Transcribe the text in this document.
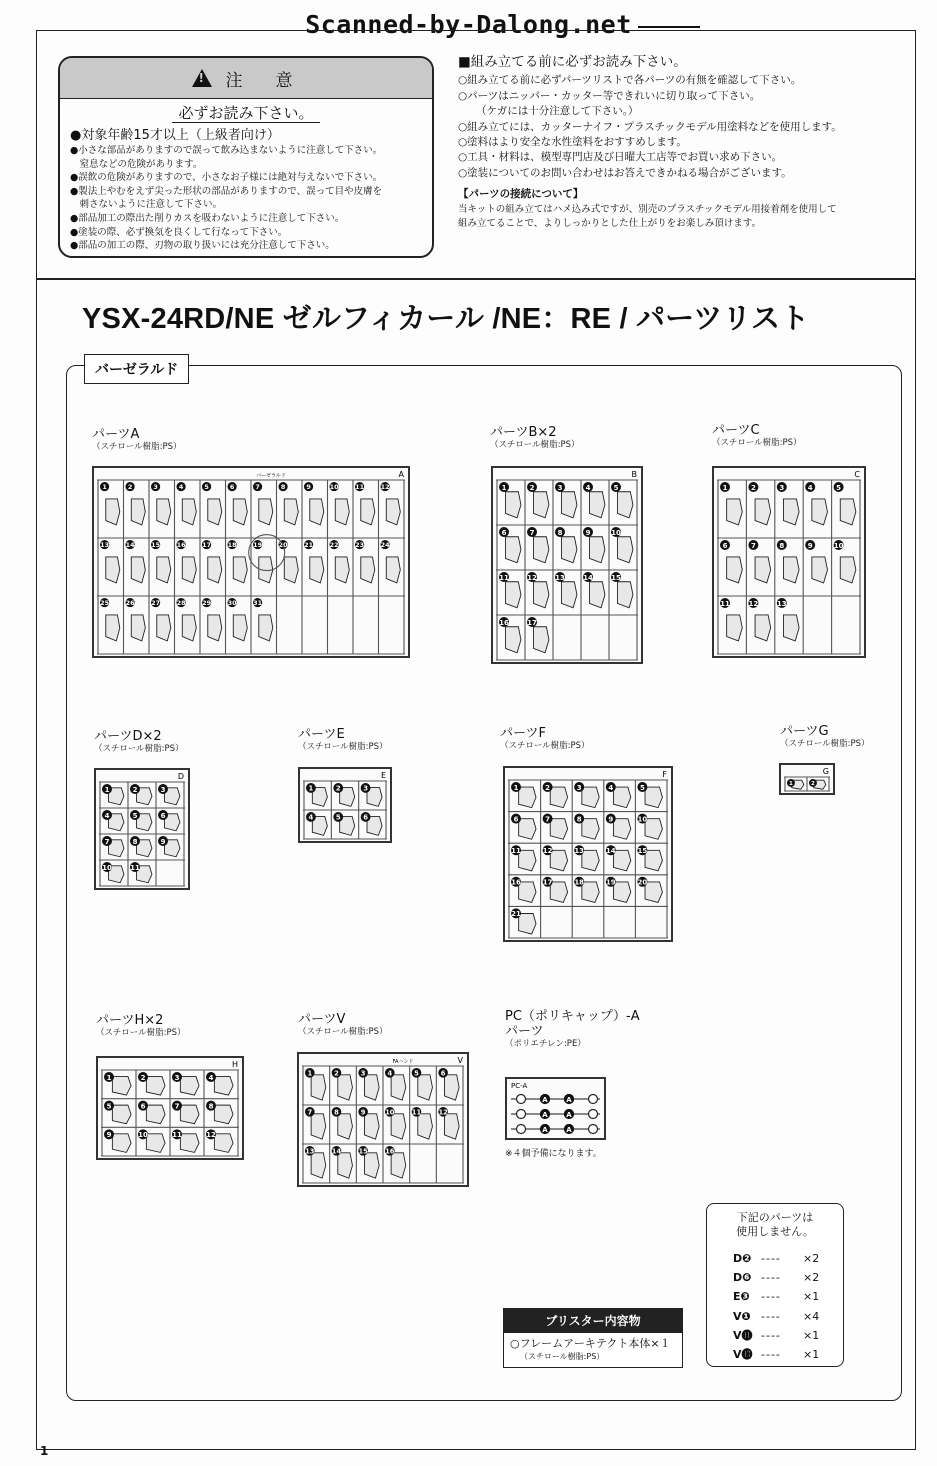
Scanned-by-Dalong.net
!
注　意
必ずお読み下さい。
●対象年齢15才以上（上級者向け）
●小さな部品がありますので誤って飲み込まないように注意して下さい。
　窒息などの危険があります。
●誤飲の危険がありますので、小さなお子様には絶対与えないで下さい。
●製法上やむをえず尖った形状の部品がありますので、誤って目や皮膚を
　刺さないように注意して下さい。
●部品加工の際出た削りカスを吸わないように注意して下さい。
●塗装の際、必ず換気を良くして行なって下さい。
●部品の加工の際、刃物の取り扱いには充分注意して下さい。
■組み立てる前に必ずお読み下さい。
○組み立てる前に必ずパーツリストで各パーツの有無を確認して下さい。
○パーツはニッパー・カッター等できれいに切り取って下さい。
（ケガには十分注意して下さい。）
○組み立てには、カッターナイフ・プラスチックモデル用塗料などを使用します。
○塗料はより安全な水性塗料をおすすめします。
○工具・材料は、模型専門店及び日曜大工店等でお買い求め下さい。
○塗装についてのお問い合わせはお答えできかねる場合がございます。
【パーツの接続について】
当キットの組み立てはハメ込み式ですが、別売のプラスチックモデル用接着剤を使用して
組み立てることで、よりしっかりとした仕上がりをお楽しみ頂けます。
YSX-24RD/NE ゼルフィカール /NE：RE / パーツリスト
バーゼラルド
パーツA
（スチロール樹脂:PS）
パーツB×2
（スチロール樹脂:PS）
パーツC
（スチロール樹脂:PS）
パーツD×2
（スチロール樹脂:PS）
パーツE
（スチロール樹脂:PS）
パーツF
（スチロール樹脂:PS）
パーツG
（スチロール樹脂:PS）
パーツH×2
（スチロール樹脂:PS）
パーツV
（スチロール樹脂:PS）
PC（ポリキャップ）-A
パーツ
（ポリエチレン:PE）
A
バーゼラルド
1	2	3	4	5	6	7	8	9	10	11	12
13	14	15	16	17	18	19	20	21	22	23	24
25	26	27	28	29	30	31
B
1	2	3	4	5
6	7	8	9	10
11	12	13	14	15
16	17
C
1	2	3	4	5
6	7	8	9	10
11	12	13
D
1	2	3
4	5	6
7	8	9
10	11
E
1	2	3
4	5	6
F
1	2	3	4	5
6	7	8	9	10
11	12	13	14	15
16	17	18	19	20
21
G
1	2
H
1	2	3	4
5	6	7	8
9	10	11	12
V
FAハンド
1	2	3	4	5	6
7	8	9	10	11	12
13	14	15	16
A	A
A	A
A	A
PC-A
※４個予備になります。
下記のパーツは
使用しません。
D❷ ----	×2
D❻ ----	×2
E❸	----	×1
V❶ ----	×4
V⓫ ----	×1
V⓭ ----	×1
ブリスター内容物
○フレームアーキテクト本体×１
（スチロール樹脂:PS）
1
